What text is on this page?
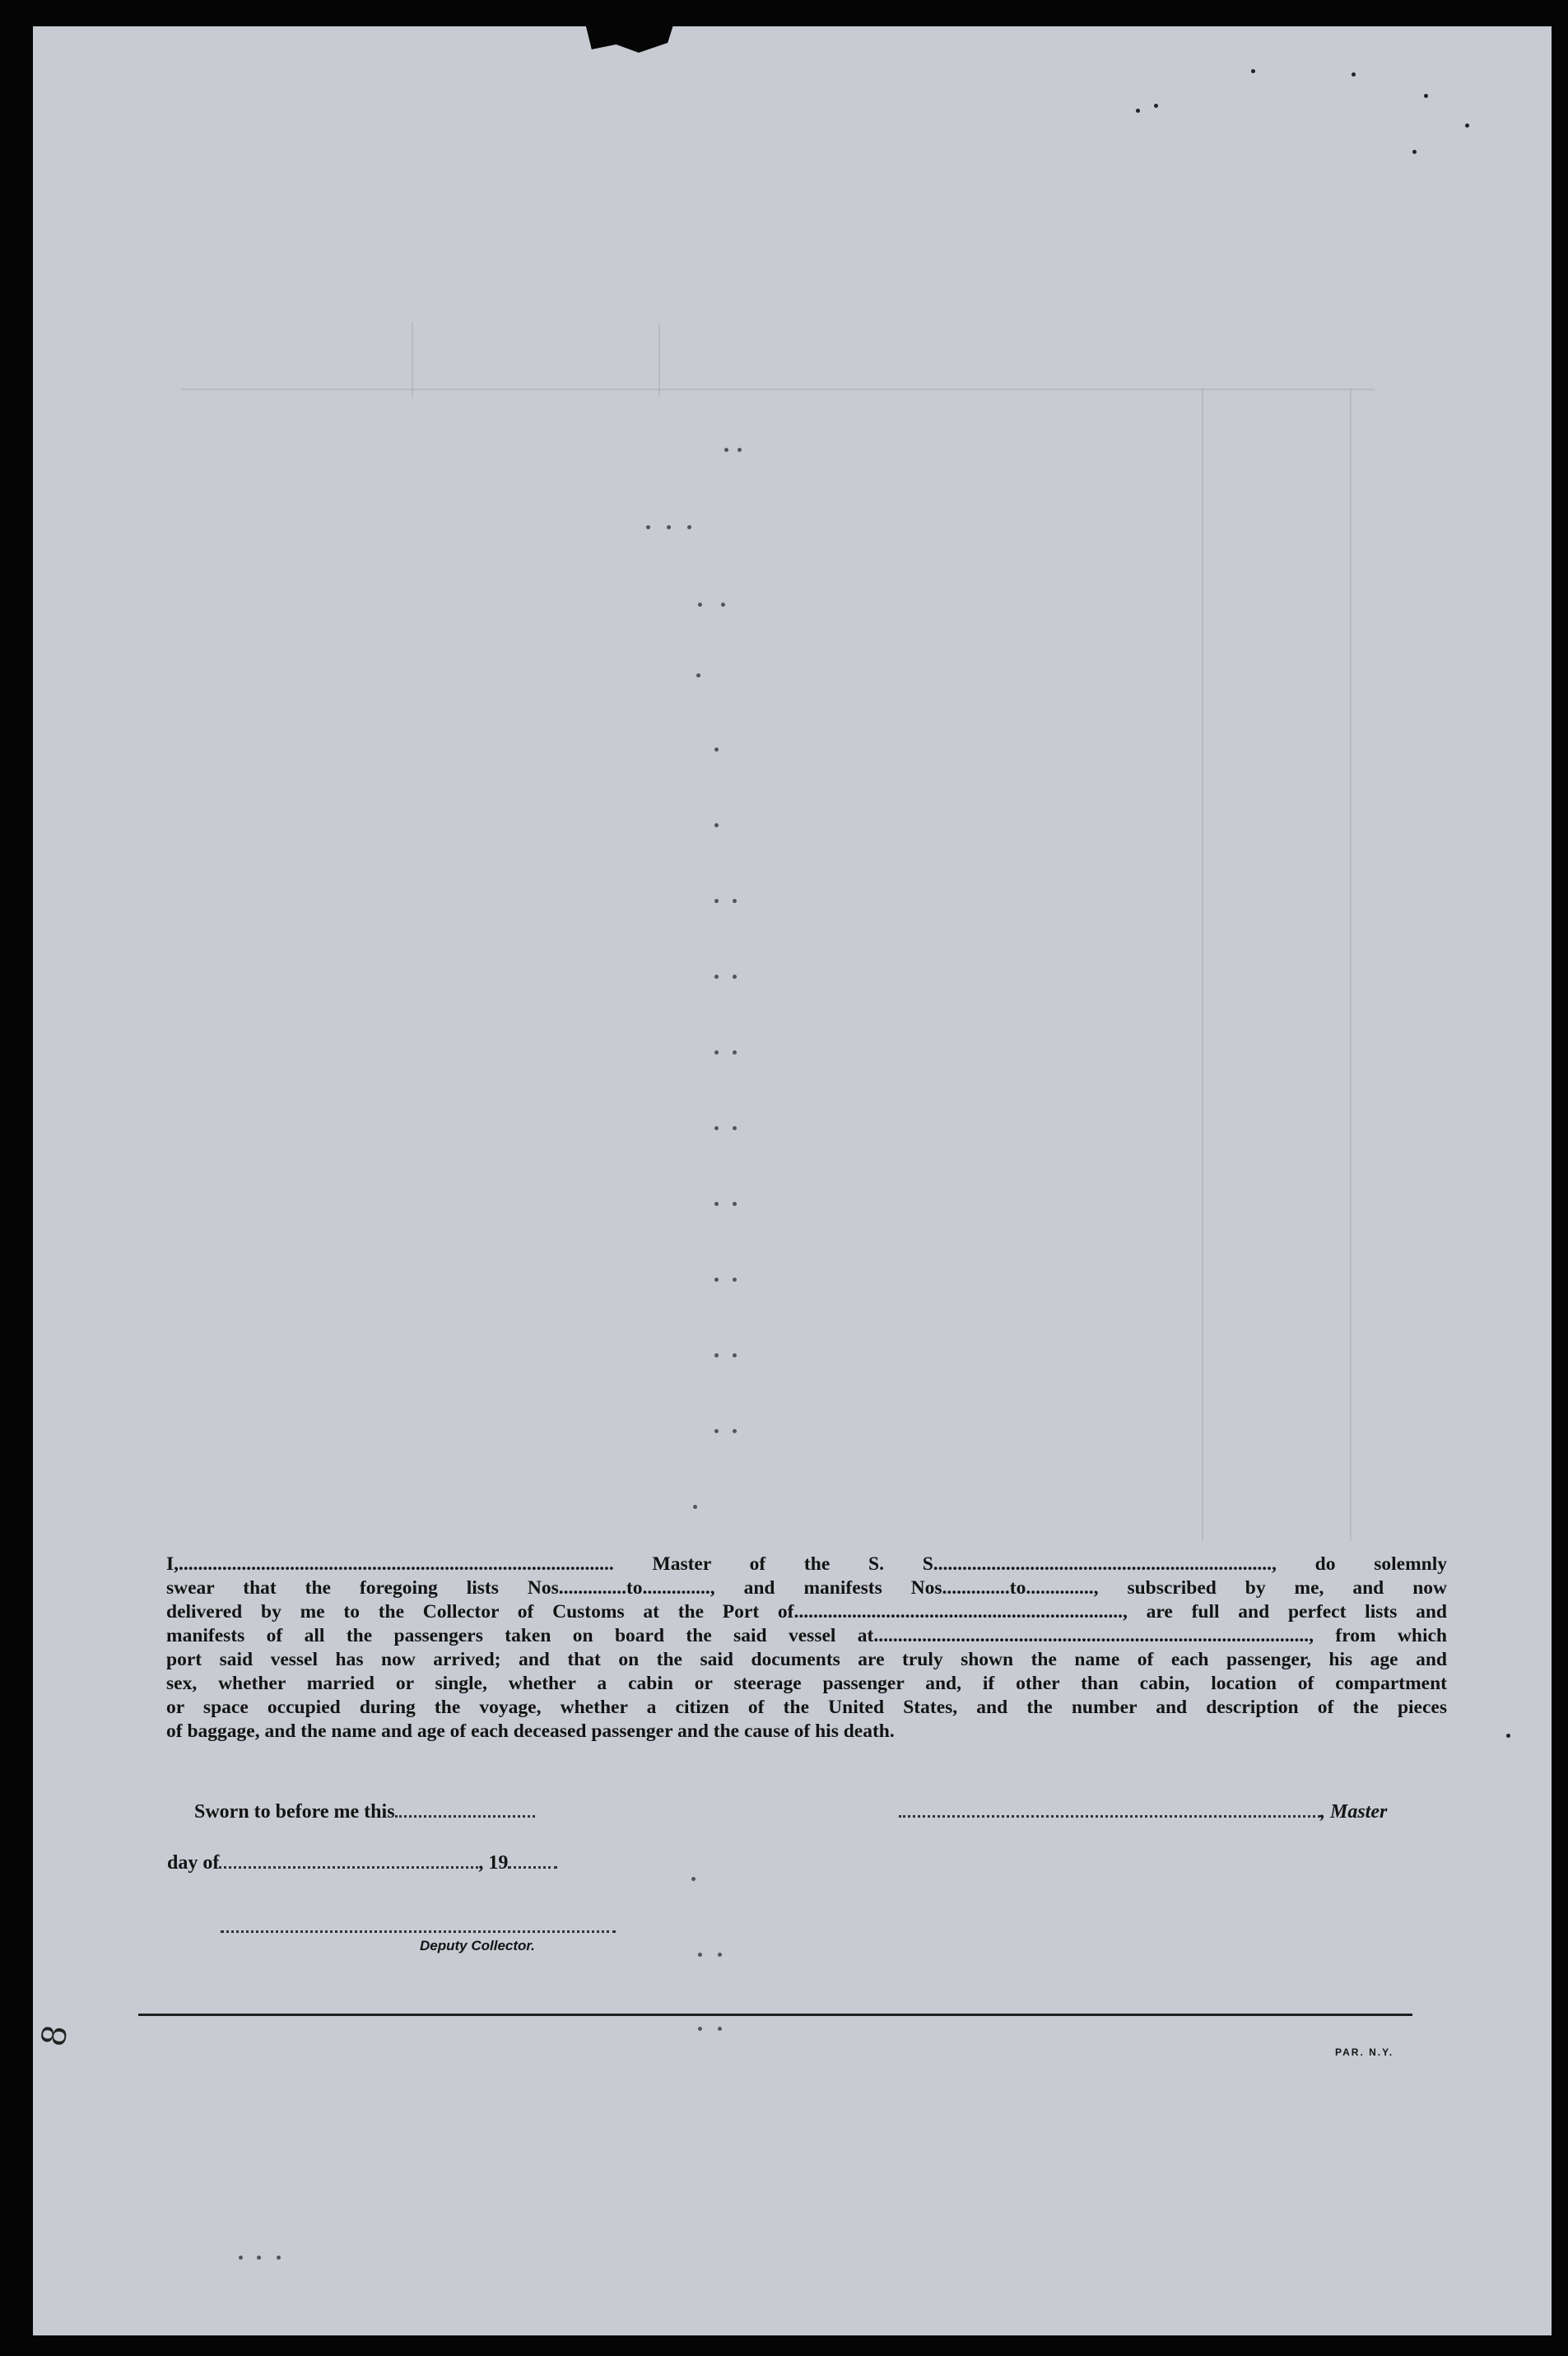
I,.......................................................................................... Master of the S. S......................................................................, do solemnly
swear that the foregoing lists Nos..............to.............., and manifests Nos..............to.............., subscribed by me, and now
delivered by me to the Collector of Customs at the Port of...................................................................., are full and perfect lists and
manifests of all the passengers taken on board the said vessel at.........................................................................................., from which
port said vessel has now arrived; and that on the said documents are truly shown the name of each passenger, his age and
sex, whether married or single, whether a cabin or steerage passenger and, if other than cabin, location of compartment
or space occupied during the voyage, whether a citizen of the United States, and the number and description of the pieces
of baggage, and the name and age of each deceased passenger and the cause of his death.
Sworn to before me this	, Master
day of	, 19
Deputy Collector.
PAR. N.Y.
8
